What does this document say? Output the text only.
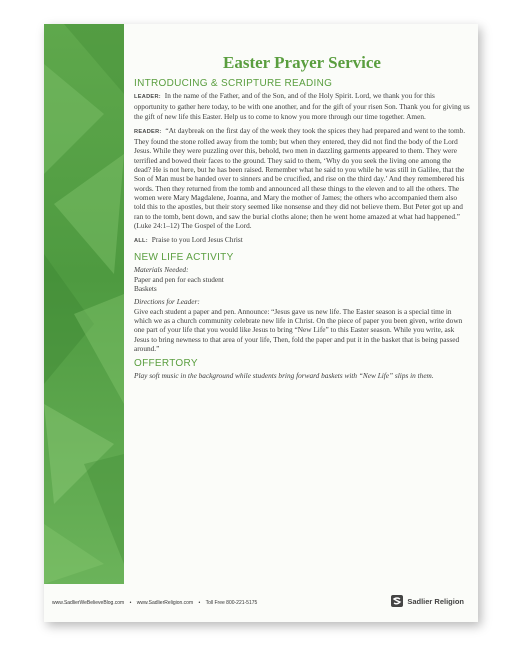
Easter Prayer Service
INTRODUCING & SCRIPTURE READING
LEADER: In the name of the Father, and of the Son, and of the Holy Spirit. Lord, we thank you for this opportunity to gather here today, to be with one another, and for the gift of your risen Son. Thank you for giving us the gift of new life this Easter. Help us to come to know you more through our time together. Amen.
READER: “At daybreak on the first day of the week they took the spices they had prepared and went to the tomb. They found the stone rolled away from the tomb; but when they entered, they did not find the body of the Lord Jesus. While they were puzzling over this, behold, two men in dazzling garments appeared to them. They were terrified and bowed their faces to the ground. They said to them, ‘Why do you seek the living one among the dead? He is not here, but he has been raised. Remember what he said to you while he was still in Galilee, that the Son of Man must be handed over to sinners and be crucified, and rise on the third day.’ And they remembered his words. Then they returned from the tomb and announced all these things to the eleven and to all the others. The women were Mary Magdalene, Joanna, and Mary the mother of James; the others who accompanied them also told this to the apostles, but their story seemed like nonsense and they did not believe them. But Peter got up and ran to the tomb, bent down, and saw the burial cloths alone; then he went home amazed at what had happened.” (Luke 24:1–12) The Gospel of the Lord.
ALL: Praise to you Lord Jesus Christ
NEW LIFE ACTIVITY
Materials Needed:
Paper and pen for each student
Baskets
Directions for Leader:
Give each student a paper and pen. Announce: “Jesus gave us new life. The Easter season is a special time in which we as a church community celebrate new life in Christ. On the piece of paper you been given, write down one part of your life that you would like Jesus to bring “New Life” to this Easter season. While you write, ask Jesus to bring newness to that area of your life, Then, fold the paper and put it in the basket that is being passed around.”
OFFERTORY
Play soft music in the background while students bring forward baskets with “New Life” slips in them.

www.SadlierWeBelieveBlog.com • www.SadlierReligion.com • Toll Free 800-221-5175	Sadlier Religion
